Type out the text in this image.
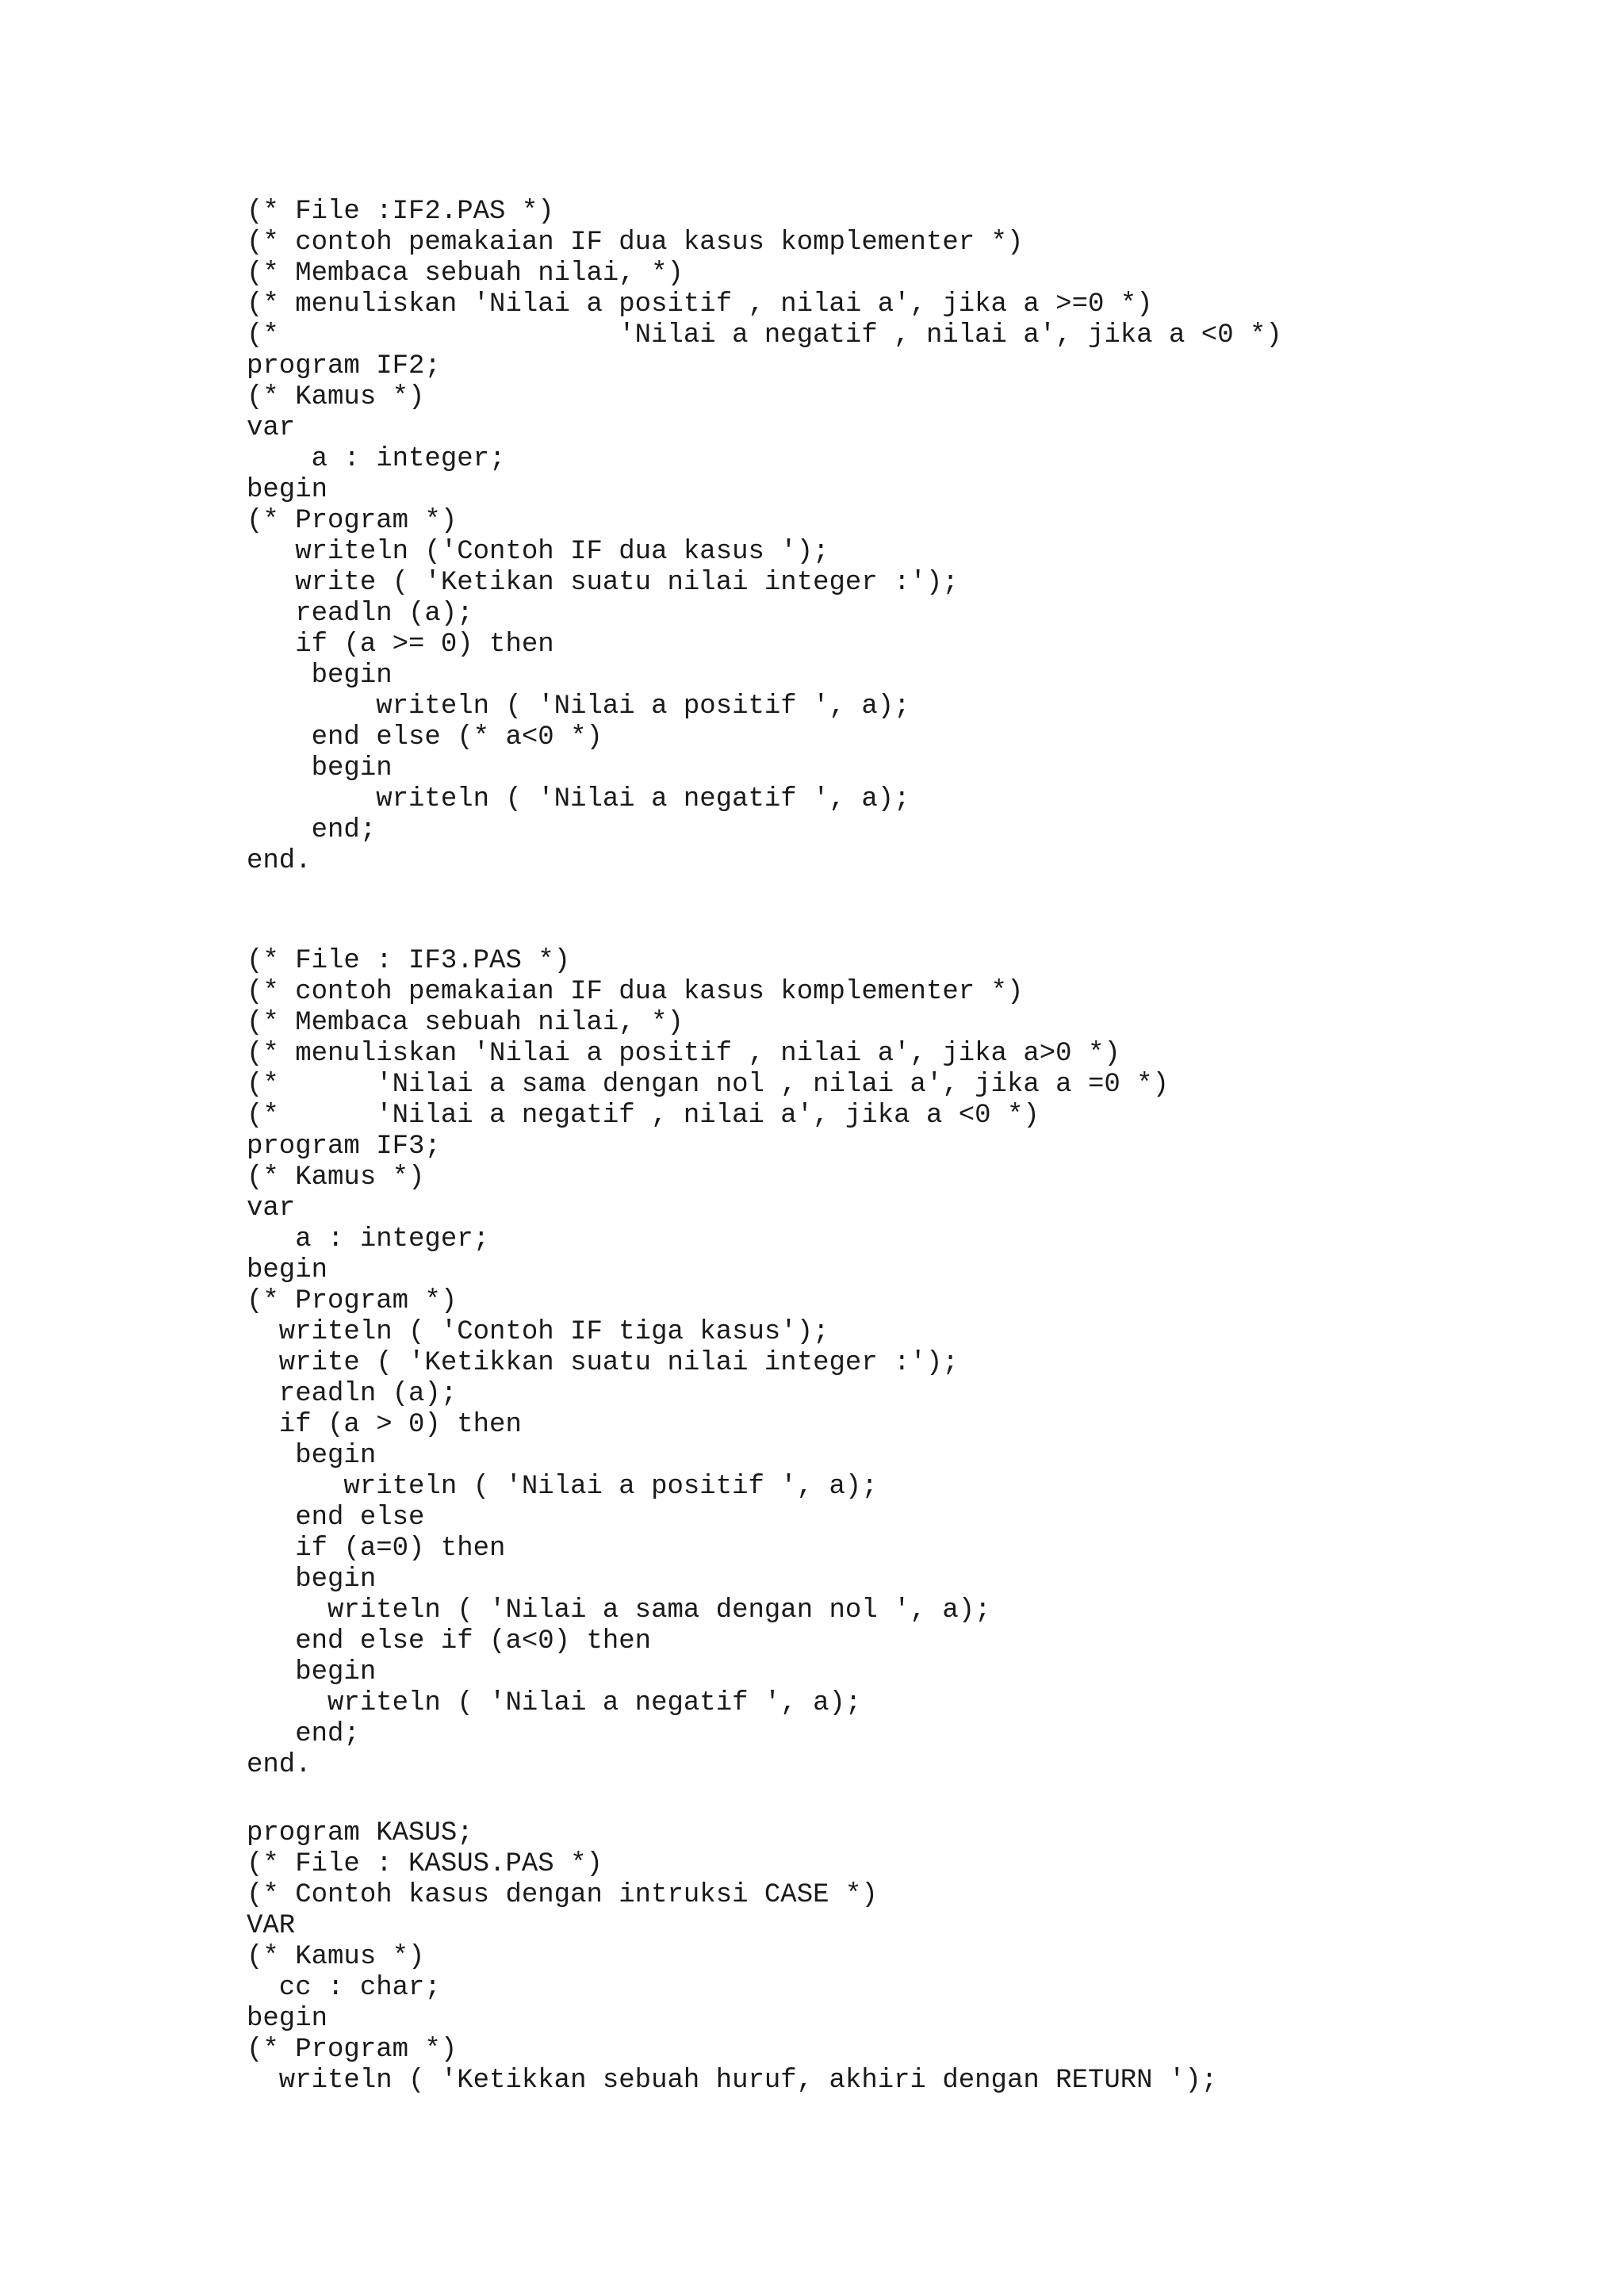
(* File :IF2.PAS *)
(* contoh pemakaian IF dua kasus komplementer *)
(* Membaca sebuah nilai, *)
(* menuliskan 'Nilai a positif , nilai a', jika a >=0 *)
(*                     'Nilai a negatif , nilai a', jika a <0 *)
program IF2;
(* Kamus *)
var
a : integer;
begin
(* Program *)
writeln ('Contoh IF dua kasus ');
write ( 'Ketikan suatu nilai integer :');
readln (a);
if (a >= 0) then
begin
writeln ( 'Nilai a positif ', a);
end else (* a<0 *)
begin
writeln ( 'Nilai a negatif ', a);
end;
end.
(* File : IF3.PAS *)
(* contoh pemakaian IF dua kasus komplementer *)
(* Membaca sebuah nilai, *)
(* menuliskan 'Nilai a positif , nilai a', jika a>0 *)
(*      'Nilai a sama dengan nol , nilai a', jika a =0 *)
(*      'Nilai a negatif , nilai a', jika a <0 *)
program IF3;
(* Kamus *)
var
a : integer;
begin
(* Program *)
writeln ( 'Contoh IF tiga kasus');
write ( 'Ketikkan suatu nilai integer :');
readln (a);
if (a > 0) then
begin
writeln ( 'Nilai a positif ', a);
end else
if (a=0) then
begin
writeln ( 'Nilai a sama dengan nol ', a);
end else if (a<0) then
begin
writeln ( 'Nilai a negatif ', a);
end;
end.
program KASUS;
(* File : KASUS.PAS *)
(* Contoh kasus dengan intruksi CASE *)
VAR
(* Kamus *)
cc : char;
begin
(* Program *)
writeln ( 'Ketikkan sebuah huruf, akhiri dengan RETURN ');
